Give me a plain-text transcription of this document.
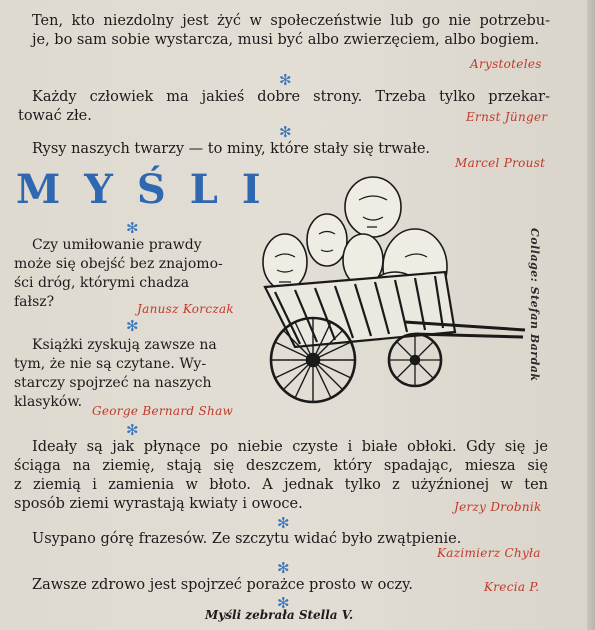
Ten, kto niezdolny jest żyć w społeczeństwie lub go nie potrzebu-
je, bo sam sobie wystarcza, musi być albo zwierzęciem, albo bogiem.
Arystoteles
✻
Każdy człowiek ma jakieś dobre strony. Trzeba tylko przekar-
tować złe.	Ernst Jünger
✻
Rysy naszych twarzy — to miny, które stały się trwałe.
Marcel Proust
MYŚLI
✻
Czy umiłowanie prawdy
może się obejść bez znajomo-
ści dróg, którymi chadza
fałsz?	Janusz Korczak
✻
Książki zyskują zawsze na
tym, że nie są czytane. Wy-
starczy spojrzeć na naszych
klasyków.
George Bernard Shaw
Collage: Stefan Bardak
✻
Ideały są jak płynące po niebie czyste i białe obłoki. Gdy się je
ściąga na ziemię, stają się deszczem, który spadając, miesza się
z ziemią i zamienia w błoto. A jednak tylko z użyźnionej w ten
sposób ziemi wyrastają kwiaty i owoce.	Jerzy Drobnik
✻
Usypano górę frazesów. Ze szczytu widać było zwątpienie.
Kazimierz Chyła
✻
Zawsze zdrowo jest spojrzeć porażce prosto w oczy.	Krecia P.
✻
Myśli zebrała Stella V.
